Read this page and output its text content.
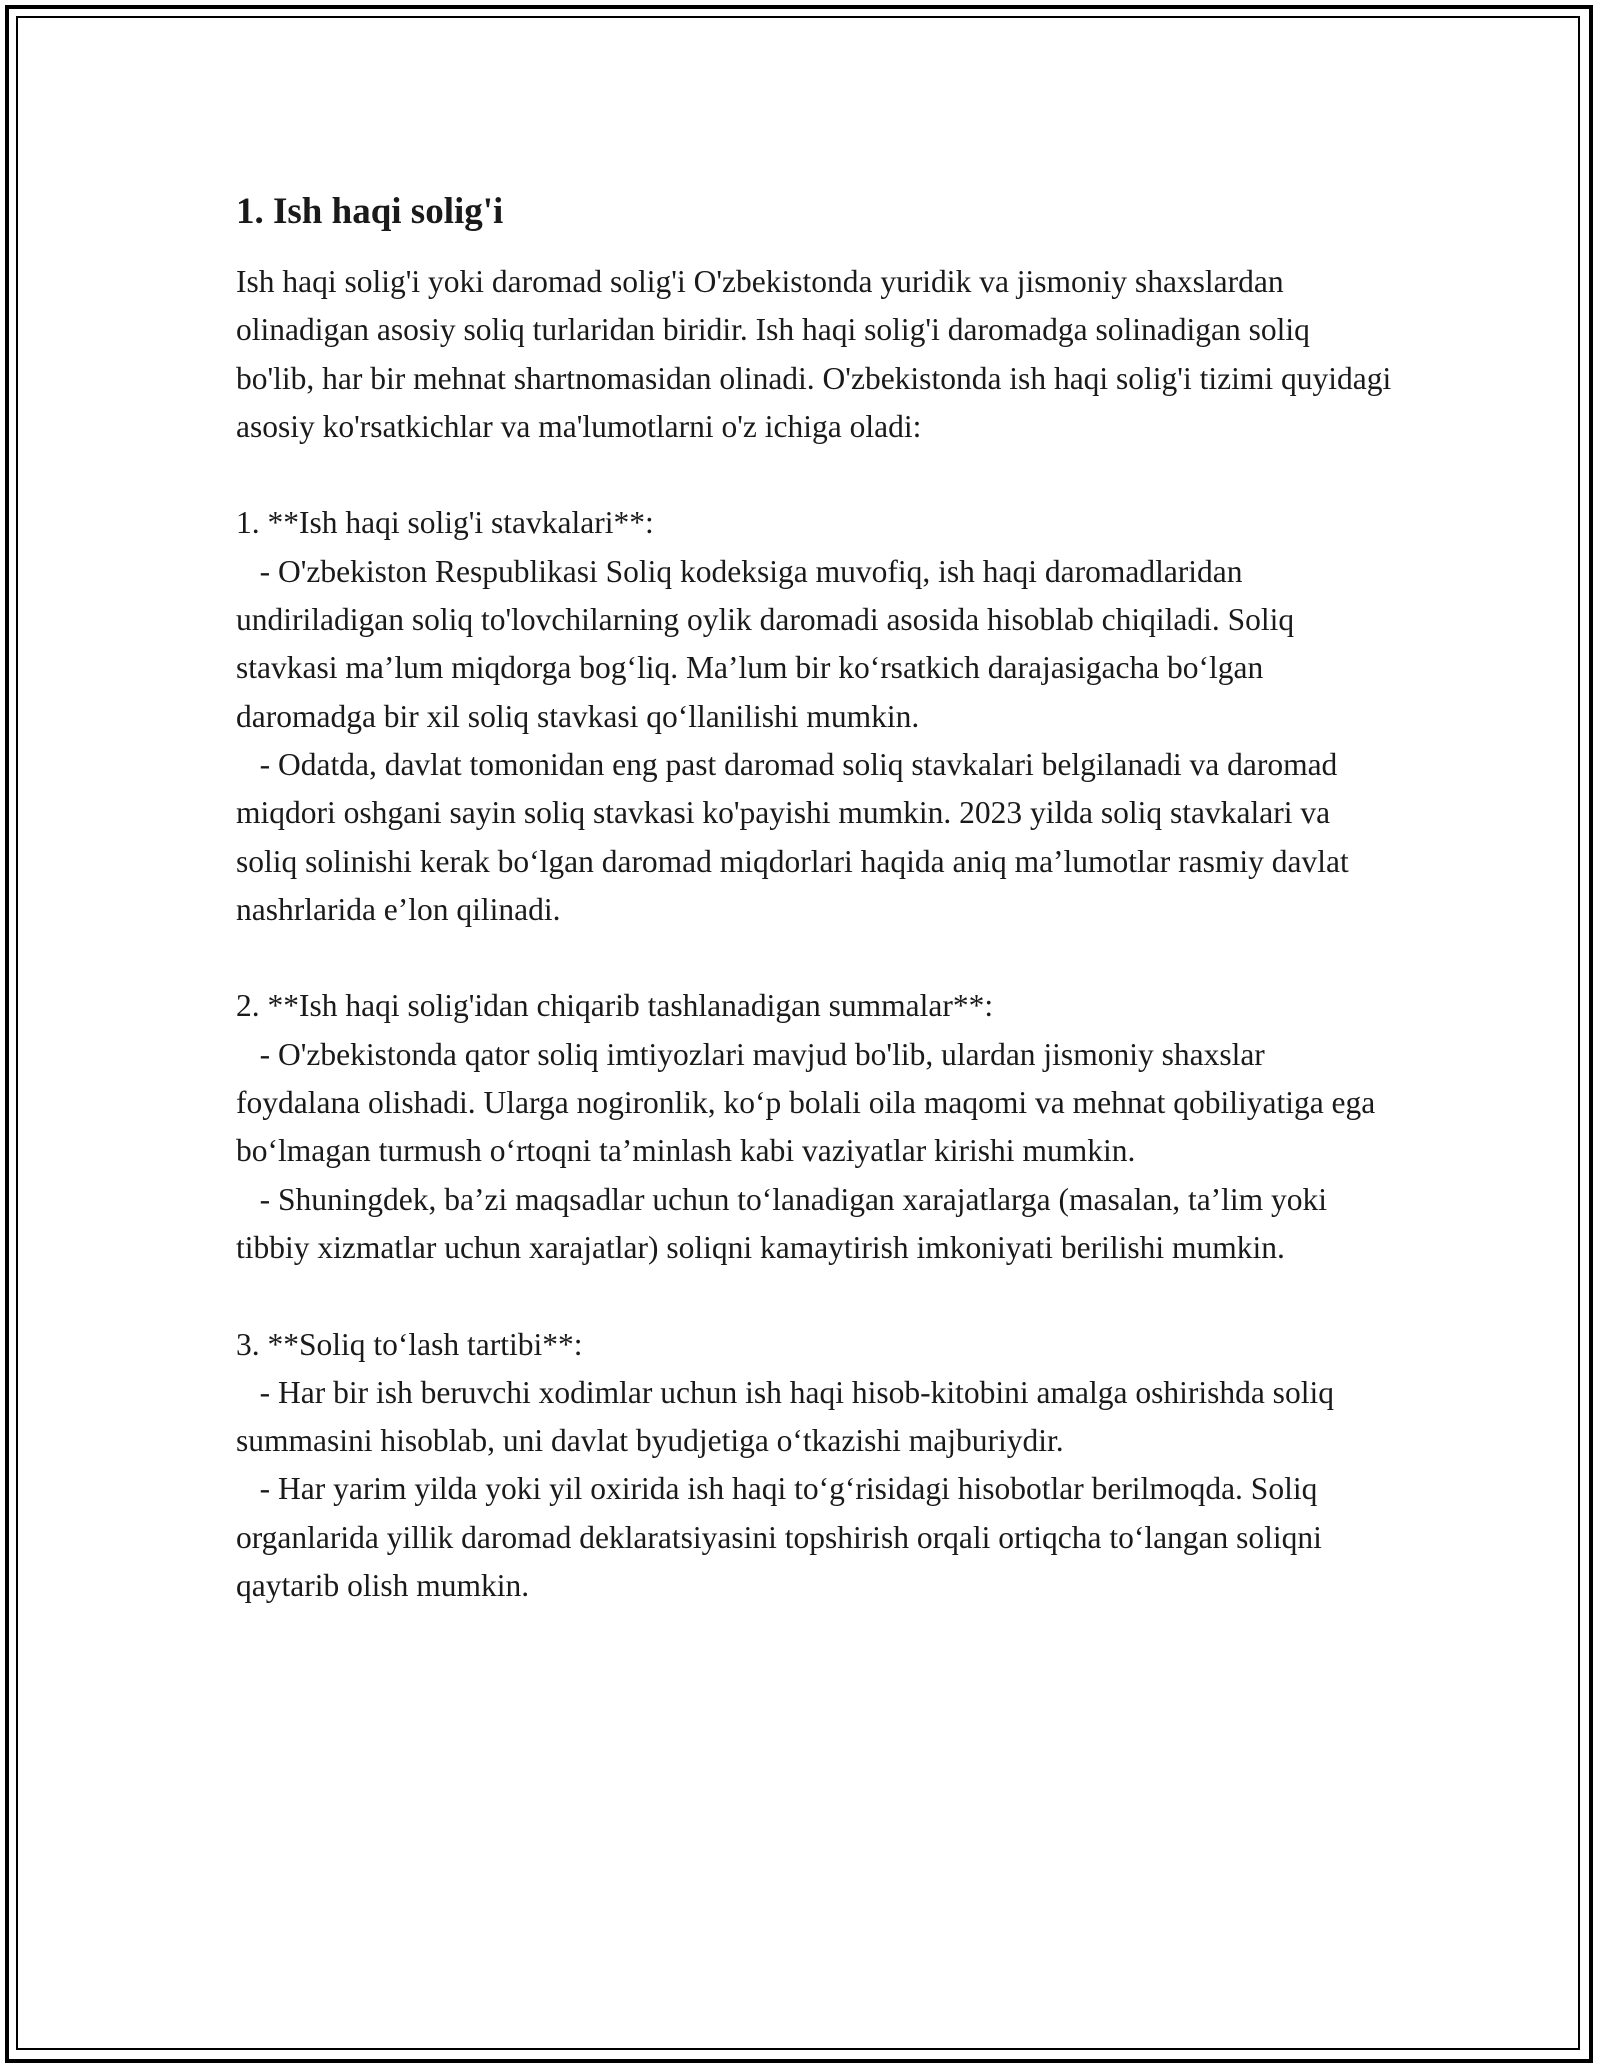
1. Ish haqi solig'i

Ish haqi solig'i yoki daromad solig'i O'zbekistonda yuridik va jismoniy shaxslardan olinadigan asosiy soliq turlaridan biridir. Ish haqi solig'i daromadga solinadigan soliq bo'lib, har bir mehnat shartnomasidan olinadi. O'zbekistonda ish haqi solig'i tizimi quyidagi asosiy ko'rsatkichlar va ma'lumotlarni o'z ichiga oladi:

1. **Ish haqi solig'i stavkalari**:

- O'zbekiston Respublikasi Soliq kodeksiga muvofiq, ish haqi daromadlaridan undiriladigan soliq to'lovchilarning oylik daromadi asosida hisoblab chiqiladi. Soliq stavkasi ma’lum miqdorga bog‘liq. Ma’lum bir ko‘rsatkich darajasigacha bo‘lgan daromadga bir xil soliq stavkasi qo‘llanilishi mumkin.

- Odatda, davlat tomonidan eng past daromad soliq stavkalari belgilanadi va daromad miqdori oshgani sayin soliq stavkasi ko'payishi mumkin. 2023 yilda soliq stavkalari va soliq solinishi kerak bo‘lgan daromad miqdorlari haqida aniq ma’lumotlar rasmiy davlat nashrlarida e’lon qilinadi.

2. **Ish haqi solig'idan chiqarib tashlanadigan summalar**:

- O'zbekistonda qator soliq imtiyozlari mavjud bo'lib, ulardan jismoniy shaxslar foydalana olishadi. Ularga nogironlik, ko‘p bolali oila maqomi va mehnat qobiliyatiga ega bo‘lmagan turmush o‘rtoqni ta’minlash kabi vaziyatlar kirishi mumkin.

- Shuningdek, ba’zi maqsadlar uchun to‘lanadigan xarajatlarga (masalan, ta’lim yoki tibbiy xizmatlar uchun xarajatlar) soliqni kamaytirish imkoniyati berilishi mumkin.

3. **Soliq to‘lash tartibi**:

- Har bir ish beruvchi xodimlar uchun ish haqi hisob-kitobini amalga oshirishda soliq summasini hisoblab, uni davlat byudjetiga o‘tkazishi majburiydir.

- Har yarim yilda yoki yil oxirida ish haqi to‘g‘risidagi hisobotlar berilmoqda. Soliq organlarida yillik daromad deklaratsiyasini topshirish orqali ortiqcha to‘langan soliqni qaytarib olish mumkin.
